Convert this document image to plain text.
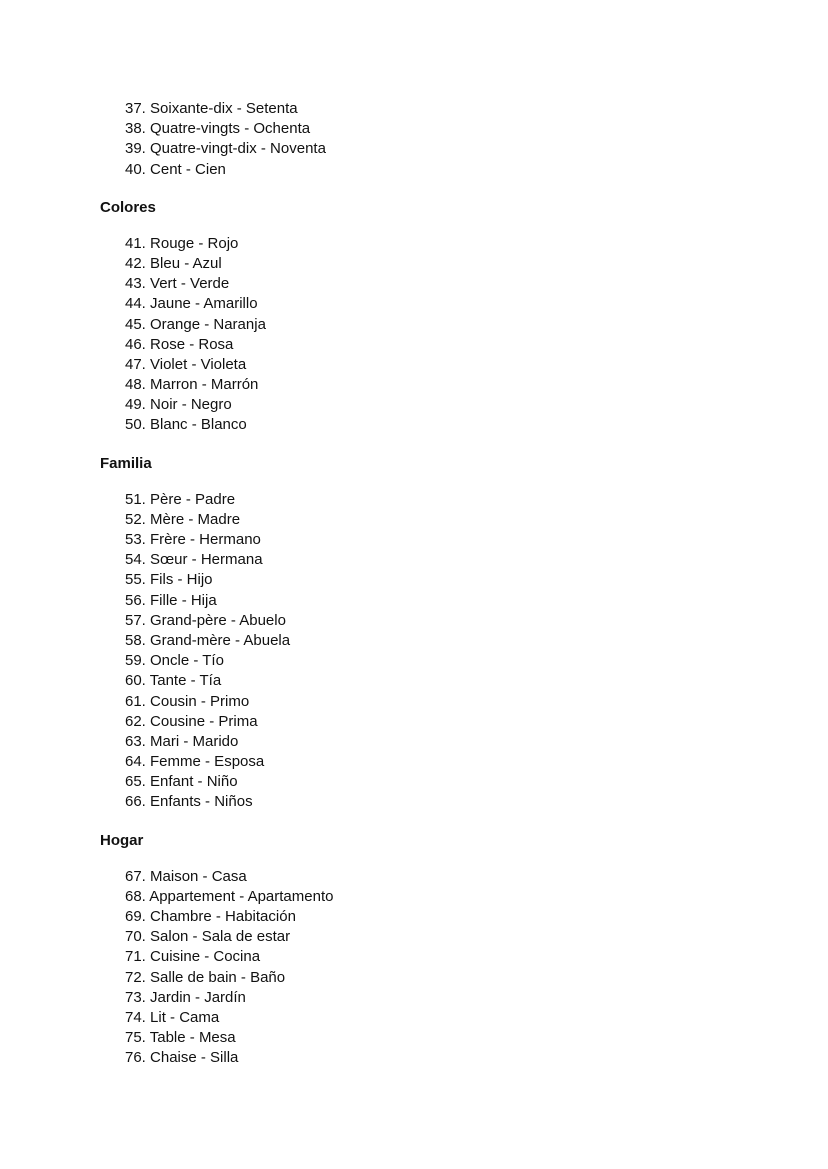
37. Soixante-dix - Setenta
38. Quatre-vingts - Ochenta
39. Quatre-vingt-dix - Noventa
40. Cent - Cien
Colores
41. Rouge - Rojo
42. Bleu - Azul
43. Vert - Verde
44. Jaune - Amarillo
45. Orange - Naranja
46. Rose - Rosa
47. Violet - Violeta
48. Marron - Marrón
49. Noir - Negro
50. Blanc - Blanco
Familia
51. Père - Padre
52. Mère - Madre
53. Frère - Hermano
54. Sœur - Hermana
55. Fils - Hijo
56. Fille - Hija
57. Grand-père - Abuelo
58. Grand-mère - Abuela
59. Oncle - Tío
60. Tante - Tía
61. Cousin - Primo
62. Cousine - Prima
63. Mari - Marido
64. Femme - Esposa
65. Enfant - Niño
66. Enfants - Niños
Hogar
67. Maison - Casa
68. Appartement - Apartamento
69. Chambre - Habitación
70. Salon - Sala de estar
71. Cuisine - Cocina
72. Salle de bain - Baño
73. Jardin - Jardín
74. Lit - Cama
75. Table - Mesa
76. Chaise - Silla
